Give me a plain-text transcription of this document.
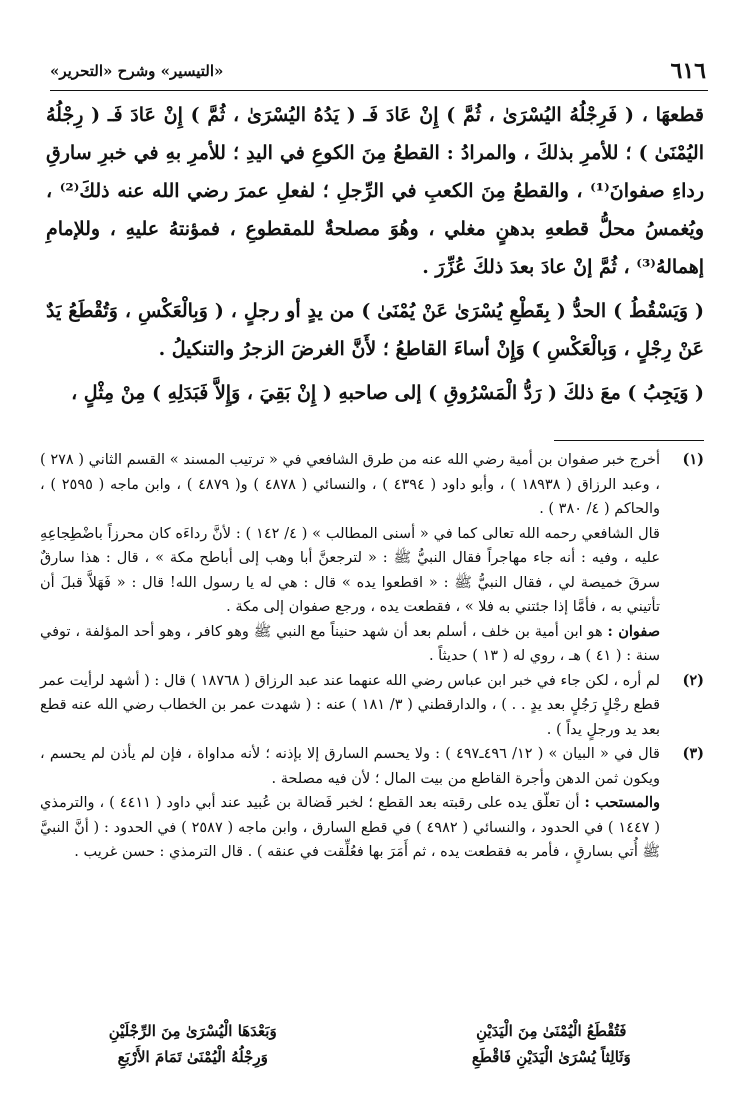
٦١٦
«التيسير» وشرح «التحرير»

قطعهَا ، ( فَرِجْلُهُ اليُسْرَىٰ ، ثُمَّ ) إِنْ عَادَ فَـ ( يَدُهُ اليُسْرَىٰ ، ثُمَّ ) إِنْ عَادَ فَـ ( رِجْلُهُ اليُمْنَىٰ ) ؛ للأمرِ بذلكَ ، والمرادُ : القطعُ مِنَ الكوعِ في اليدِ ؛ للأمرِ بهِ في خبرِ سارقِ رداءِ صفوانَ⁽¹⁾ ، والقطعُ مِنَ الكعبِ في الرِّجلِ ؛ لفعلِ عمرَ رضي الله عنه ذلكَ⁽²⁾ ، ويُغمسُ محلُّ قطعهِ بدهنٍ مغلي ، وهُوَ مصلحةٌ للمقطوعِ ، فمؤنتهُ عليهِ ، وللإمامِ إهمالهُ⁽³⁾ ، ثُمَّ إنْ عادَ بعدَ ذلكَ عُزِّرَ .

( وَيَسْقُطُ ) الحدُّ ( بِقَطْعِ يُسْرَىٰ عَنْ يُمْنَىٰ ) من يدٍ أو رجلٍ ، ( وَبِالْعَكْسِ ، وَتُقْطَعُ يَدٌ عَنْ رِجْلٍ ، وَبِالْعَكْسِ ) وَإِنْ أساءَ القاطعُ ؛ لأَنَّ الغرضَ الزجرُ والتنكيلُ .

( وَيَجِبُ ) معَ ذلكَ ( رَدُّ الْمَسْرُوقِ ) إلى صاحبهِ ( إِنْ بَقِيَ ، وَإِلاَّ فَبَدَلِهِ ) مِنْ مِثْلٍ ،

(١)

أخرج خبر صفوان بن أمية رضي الله عنه من طرق الشافعي في « ترتيب المسند » القسم الثاني ( ٢٧٨ ) ، وعبد الرزاق ( ١٨٩٣٨ ) ، وأبو داود ( ٤٣٩٤ ) ، والنسائي ( ٤٨٧٨ ) و( ٤٨٧٩ ) ، وابن ماجه ( ٢٥٩٥ ) ، والحاكم ( ٤/ ٣٨٠ ) .

قال الشافعي رحمه الله تعالى كما في « أسنى المطالب » ( ٤/ ١٤٢ ) : لأنَّ رداءَه كان محرزاً باضْطِجاعِهِ عليه ، وفيه : أنه جاء مهاجراً فقال النبيُّ ﷺ : « لترجعنَّ أبا وهب إلى أباطح مكة » ، قال : هذا سارقٌ سرقَ خميصة لي ، فقال النبيُّ ﷺ : « اقطعوا يده » قال : هي له يا رسول الله! قال : « فَهَلاَّ قبلَ أن تأتيني به ، فأمَّا إذا جئتني به فلا » ، فقطعت يده ، ورجع صفوان إلى مكة .

صفوان : هو ابن أمية بن خلف ، أسلم بعد أن شهد حنيناً مع النبي ﷺ وهو كافر ، وهو أحد المؤلفة ، توفي سنة : ( ٤١ ) هـ ، روي له ( ١٣ ) حديثاً .

(٢)

لم أره ، لكن جاء في خبر ابن عباس رضي الله عنهما عند عبد الرزاق ( ١٨٧٦٨ ) قال : ( أشهد لرأيت عمر قطع رجْلٍ رَجُلٍ بعد يدٍ . . ) ، والدارقطني ( ٣/ ١٨١ ) عنه : ( شهدت عمر بن الخطاب رضي الله عنه قطع بعد يد ورجلٍ يداً ) .

(٣)

قال في « البيان » ( ١٢/ ٤٩٦ـ٤٩٧ ) : ولا يحسم السارق إلا بإذنه ؛ لأنه مداواة ، فإن لم يأذن لم يحسم ، ويكون ثمن الدهن وأجرة القاطع من بيت المال ؛ لأن فيه مصلحة .

والمستحب : أن تعلّق يده على رقبته بعد القطع ؛ لخبر فَضالة بن عُبيد عند أبي داود ( ٤٤١١ ) ، والترمذي ( ١٤٤٧ ) في الحدود ، والنسائي ( ٤٩٨٢ ) في قطع السارق ، وابن ماجه ( ٢٥٨٧ ) في الحدود : ( أنَّ النبيَّ ﷺ أُتي بسارقٍ ، فأمر به فقطعت يده ، ثم أَمَرَ بها فعُلِّقت في عنقه ) . قال الترمذي : حسن غريب .

فَتُقْطَعُ الْيُمْنَىٰ مِنَ الْيَدَيْنِ
وَبَعْدَهَا الْيُسْرَىٰ مِنَ الرِّجْلَيْنِ
وَثَالِثاً يُسْرَىٰ الْيَدَيْنِ فَاقْطَعِ
وَرِجْلُهُ الْيُمْنَىٰ تَمَامَ الأَرْبَعِ
